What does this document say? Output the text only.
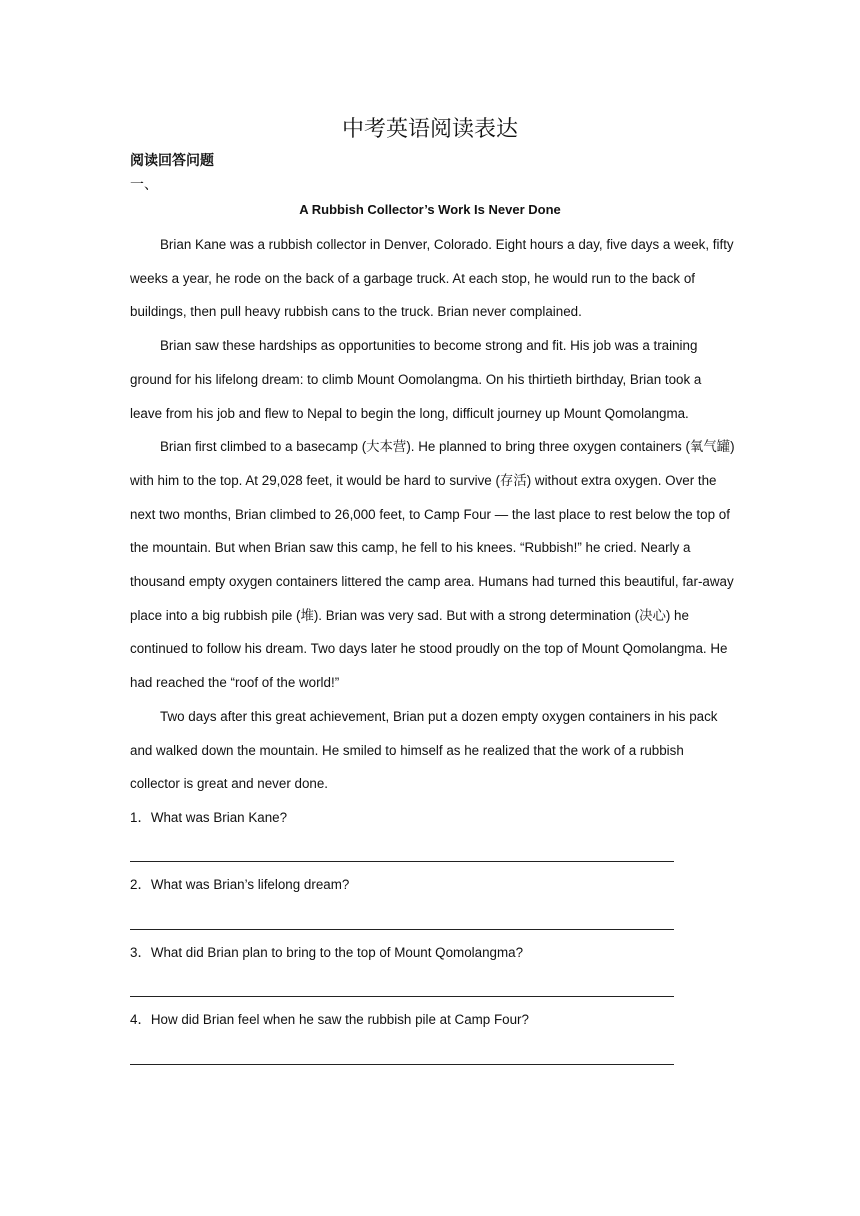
中考英语阅读表达
阅读回答问题
一、
A Rubbish Collector’s Work Is Never Done

Brian Kane was a rubbish collector in Denver, Colorado. Eight hours a day, five days a week, fifty weeks a year, he rode on the back of a garbage truck. At each stop, he would run to the back of buildings, then pull heavy rubbish cans to the truck. Brian never complained.

Brian saw these hardships as opportunities to become strong and fit. His job was a training ground for his lifelong dream: to climb Mount Oomolangma. On his thirtieth birthday, Brian took a leave from his job and flew to Nepal to begin the long, difficult journey up Mount Qomolangma.

Brian first climbed to a basecamp (大本营). He planned to bring three oxygen containers (氧气罐) with him to the top. At 29,028 feet, it would be hard to survive (存活) without extra oxygen. Over the next two months, Brian climbed to 26,000 feet, to Camp Four — the last place to rest below the top of the mountain. But when Brian saw this camp, he fell to his knees. “Rubbish!” he cried. Nearly a thousand empty oxygen containers littered the camp area. Humans had turned this beautiful, far-away place into a big rubbish pile (堆). Brian was very sad. But with a strong determination (决心) he continued to follow his dream. Two days later he stood proudly on the top of Mount Qomolangma. He had reached the “roof of the world!”

Two days after this great achievement, Brian put a dozen empty oxygen containers in his pack and walked down the mountain. He smiled to himself as he realized that the work of a rubbish collector is great and never done.

1．What was Brian Kane?
2．What was Brian’s lifelong dream?
3．What did Brian plan to bring to the top of Mount Qomolangma?
4．How did Brian feel when he saw the rubbish pile at Camp Four?
